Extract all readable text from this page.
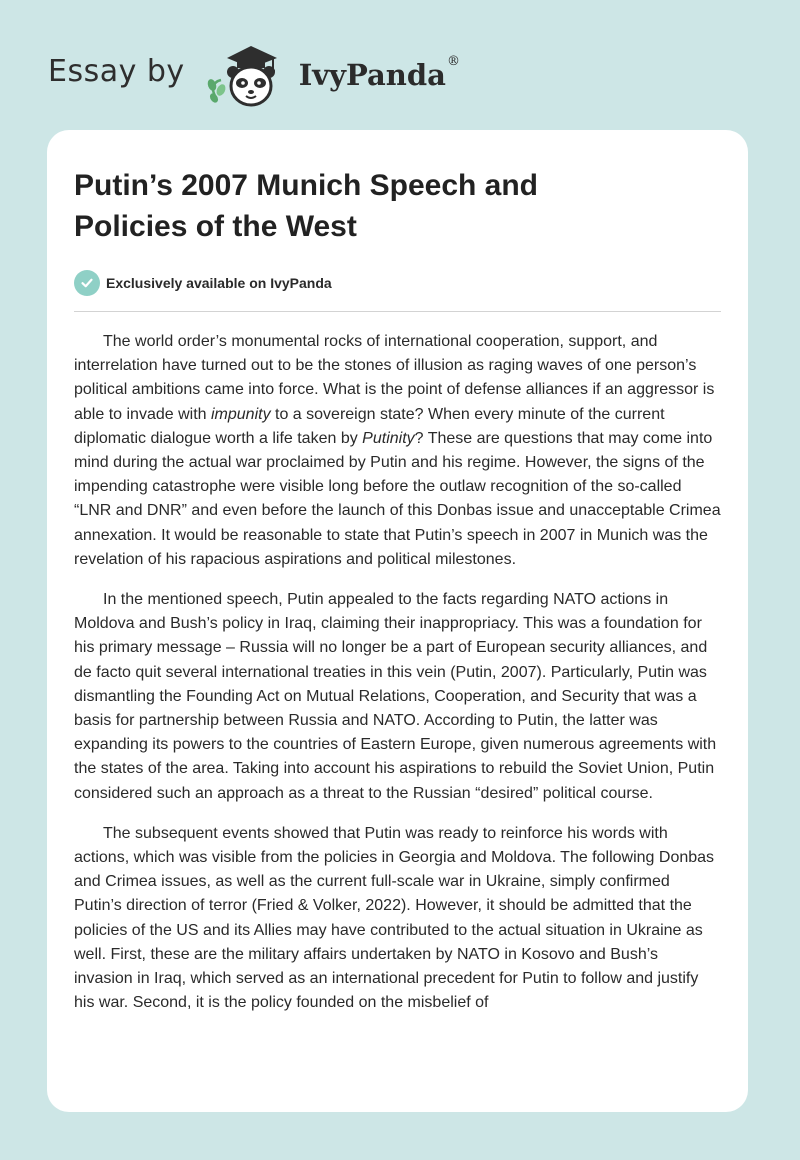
Essay by	IvyPanda®
Putin’s 2007 Munich Speech and Policies of the West
Exclusively available on IvyPanda

The world order’s monumental rocks of international cooperation, support, and interrelation have turned out to be the stones of illusion as raging waves of one person’s political ambitions came into force. What is the point of defense alliances if an aggressor is able to invade with impunity to a sovereign state? When every minute of the current diplomatic dialogue worth a life taken by Putinity? These are questions that may come into mind during the actual war proclaimed by Putin and his regime. However, the signs of the impending catastrophe were visible long before the outlaw recognition of the so-called “LNR and DNR” and even before the launch of this Donbas issue and unacceptable Crimea annexation. It would be reasonable to state that Putin’s speech in 2007 in Munich was the revelation of his rapacious aspirations and political milestones.

In the mentioned speech, Putin appealed to the facts regarding NATO actions in Moldova and Bush’s policy in Iraq, claiming their inappropriacy. This was a foundation for his primary message – Russia will no longer be a part of European security alliances, and de facto quit several international treaties in this vein (Putin, 2007). Particularly, Putin was dismantling the Founding Act on Mutual Relations, Cooperation, and Security that was a basis for partnership between Russia and NATO. According to Putin, the latter was expanding its powers to the countries of Eastern Europe, given numerous agreements with the states of the area. Taking into account his aspirations to rebuild the Soviet Union, Putin considered such an approach as a threat to the Russian “desired” political course.

The subsequent events showed that Putin was ready to reinforce his words with actions, which was visible from the policies in Georgia and Moldova. The following Donbas and Crimea issues, as well as the current full-scale war in Ukraine, simply confirmed Putin’s direction of terror (Fried & Volker, 2022). However, it should be admitted that the policies of the US and its Allies may have contributed to the actual situation in Ukraine as well. First, these are the military affairs undertaken by NATO in Kosovo and Bush’s invasion in Iraq, which served as an international precedent for Putin to follow and justify his war. Second, it is the policy founded on the misbelief of
